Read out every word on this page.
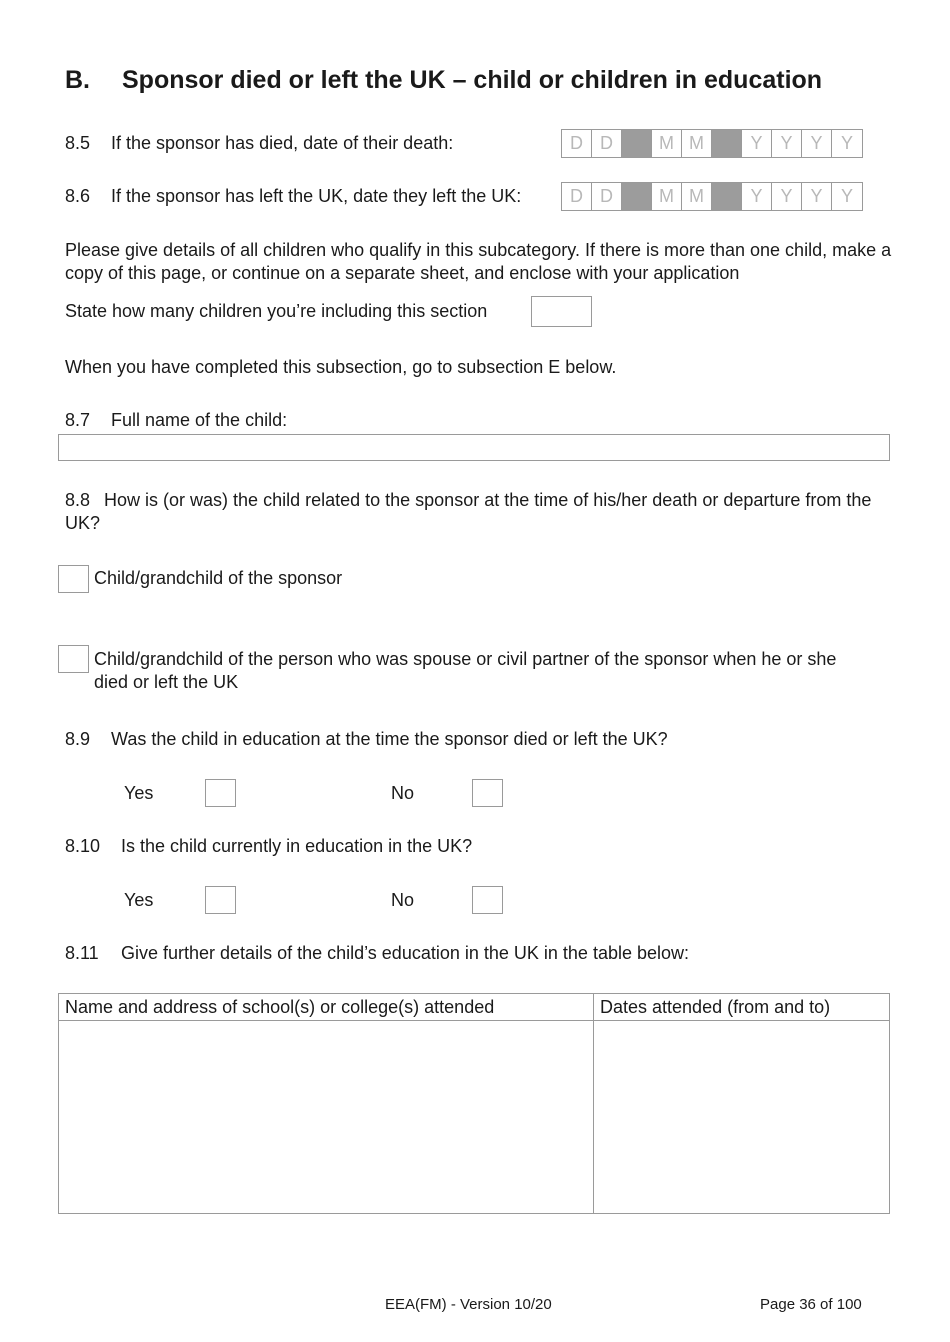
B. Sponsor died or left the UK – child or children in education
8.5 If the sponsor has died, date of their death:	D D	M M	Y Y Y	Y
8.6 If the sponsor has left the UK, date they left the UK:	D D	M M	Y Y Y	Y
Please give details of all children who qualify in this subcategory. If there is more than one child, make a copy of this page, or continue on a separate sheet, and enclose with your application
State how many children you’re including this section
When you have completed this subsection, go to subsection E below.
8.7 Full name of the child:
8.8 How is (or was) the child related to the sponsor at the time of his/her death or departure from the UK?
Child/grandchild of the sponsor
Child/grandchild of the person who was spouse or civil partner of the sponsor when he or she died or left the UK
8.9 Was the child in education at the time the sponsor died or left the UK?
Yes	No
8.10 Is the child currently in education in the UK?
Yes	No
8.11 Give further details of the child’s education in the UK in the table below:
Name and address of school(s) or college(s) attended	Dates attended (from and to)

EEA(FM) - Version 10/20	Page 36 of 100
